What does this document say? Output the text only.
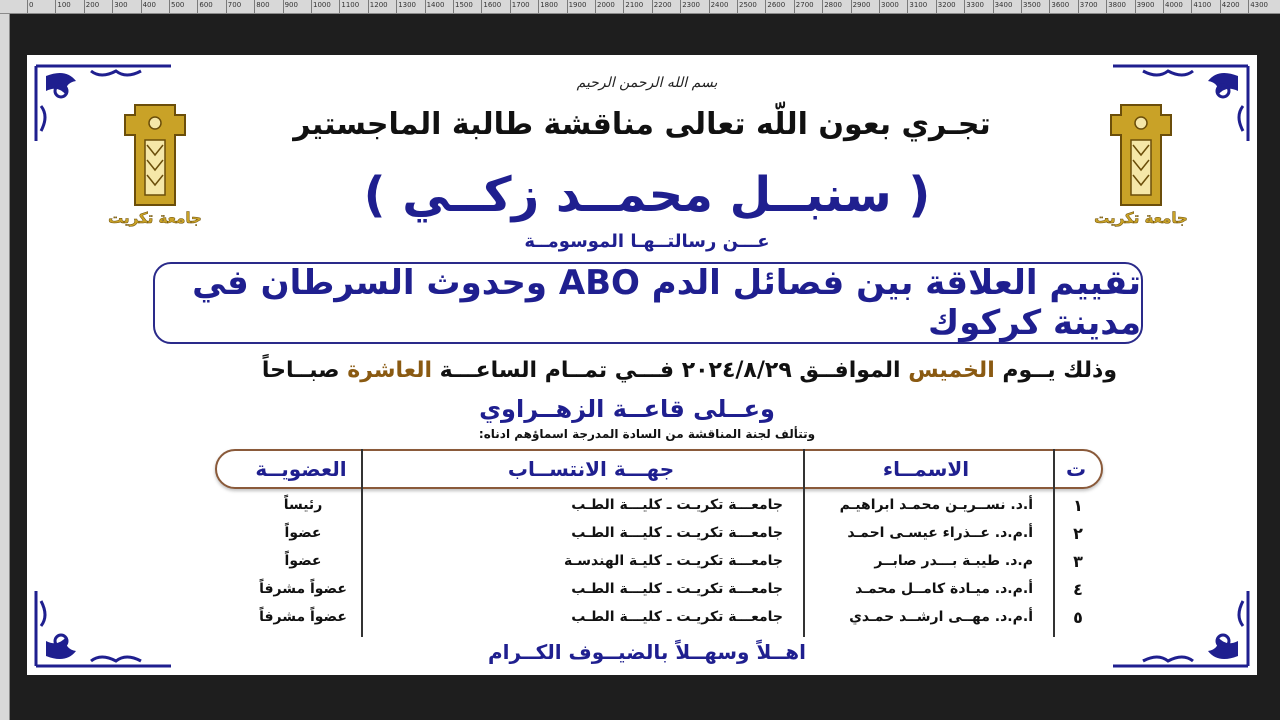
0	100 200 300 400 500 600 700 800 900 1000 1100 1200 1300 1400 1500 1600 1700 1800 1900 2000 2100 2200 2300 2400 2500 2600 2700 2800 2900 3000 3100 3200 3300 3400 3500 3600 3700 3800 3900 4000 4100 4200 4300
جامعة تكريت	جامعة تكريت
بسم الله الرحمن الرحيم
تجـري بعون اللّه تعالى مناقشة طالبة الماجستير
( سنبــل محمــد زكــي )
عـــن رسالتــهـا الموسومــة
تقييم العلاقة بين فصائل الدم ABO وحدوث السرطان في مدينة كركوك
وذلك يــوم الخميس الموافــق ٢٠٢٤/٨/٢٩ فـــي تمــام الساعـــة العاشرة صبــاحاً
وعــلى قاعــة الزهــراوي
وتتألف لجنة المناقشة من السادة المدرجة اسماؤهم ادناه:
ت
الاسمــاء
جهـــة الانتســاب
العضويــة
١
أ.د. نســريـن محمـد ابراهيـم
جامعـــة تكريـت ـ كليـــة الطـب
رئيساً
٢
أ.م.د. عــذراء عيسـى احمـد
جامعـــة تكريـت ـ كليـــة الطـب
عضواً
٣
م.د. طيبـة بـــدر صابــر
جامعـــة تكريـت ـ كليـة الهندسـة
عضواً
٤
أ.م.د. ميـادة كامــل محمـد
جامعـــة تكريـت ـ كليـــة الطـب
عضواً مشرفاً
٥
أ.م.د. مهــى ارشــد حمـدي
جامعـــة تكريـت ـ كليـــة الطـب
عضواً مشرفاً
اهــلاً وسهــلاً بالضيــوف الكــرام
